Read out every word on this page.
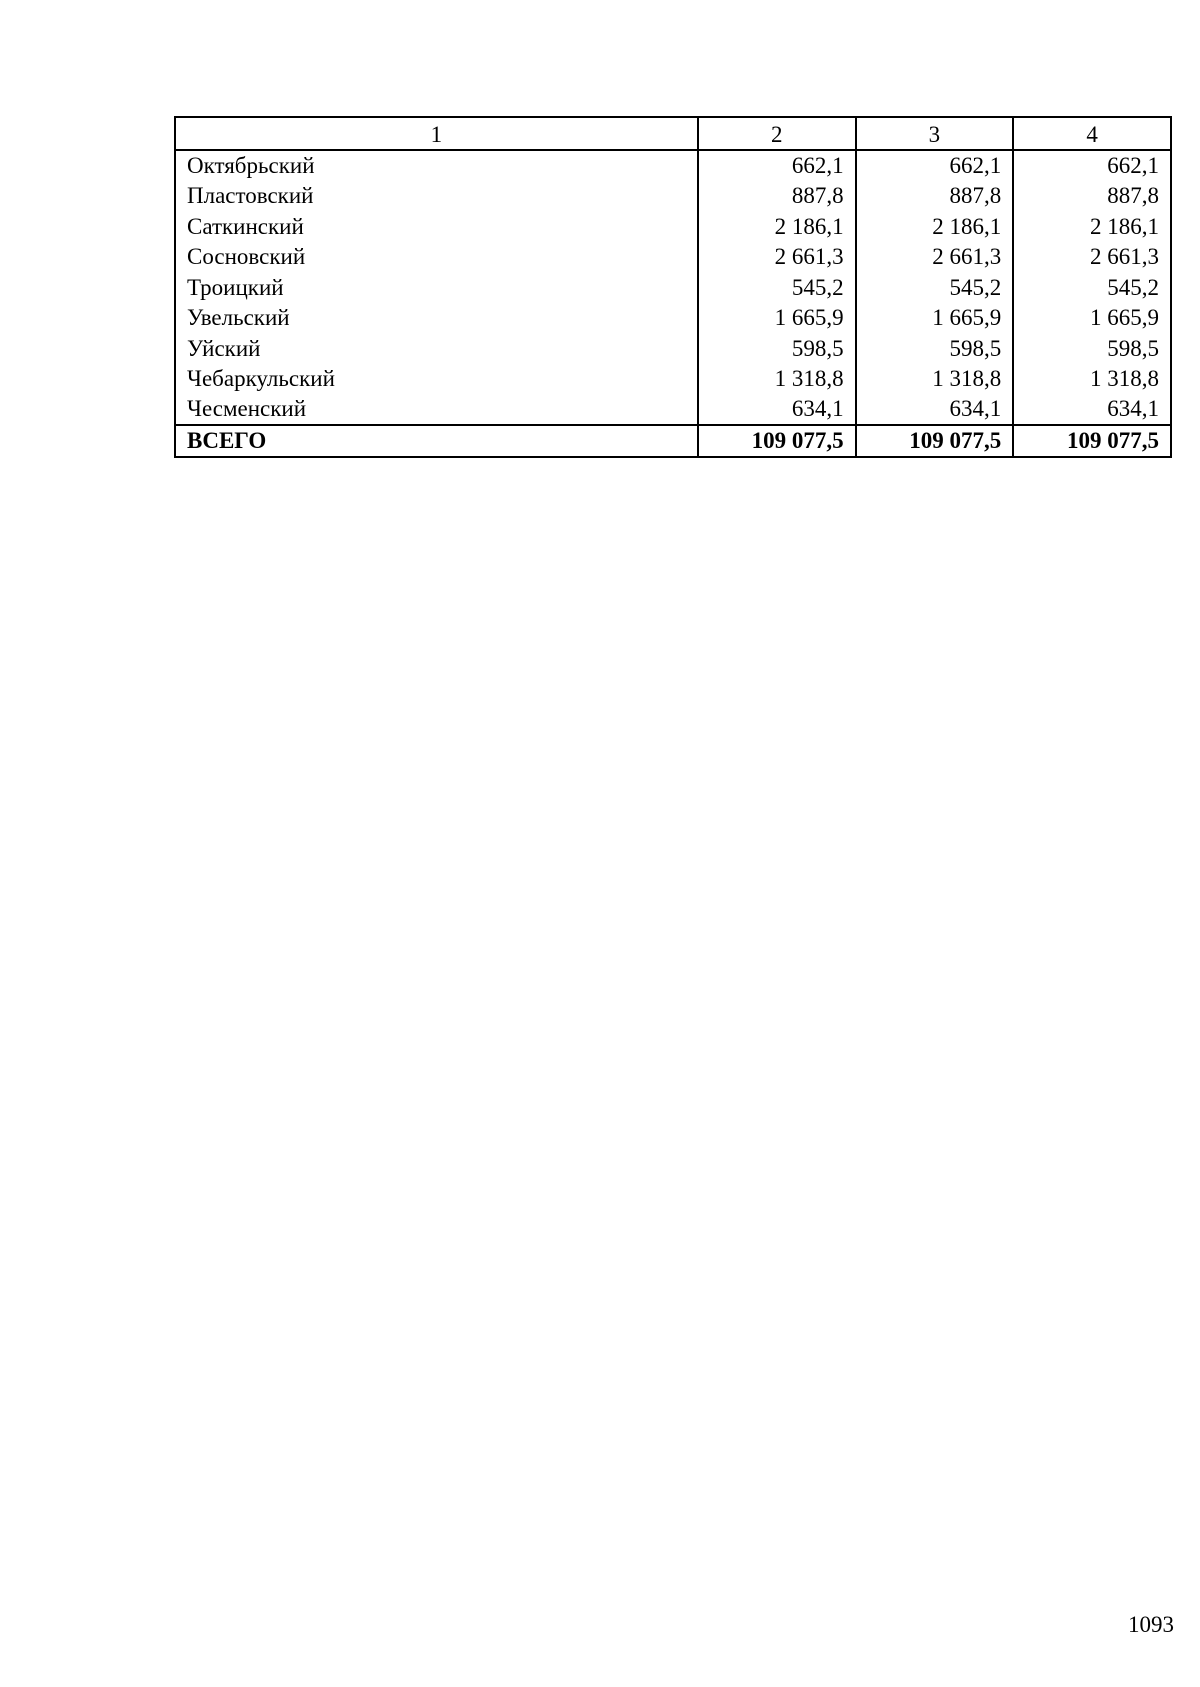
1	2	3	4
Октябрьский	662,1	662,1	662,1
Пластовский	887,8	887,8	887,8
Саткинский	2 186,1	2 186,1	2 186,1
Сосновский	2 661,3	2 661,3	2 661,3
Троицкий	545,2	545,2	545,2
Увельский	1 665,9	1 665,9	1 665,9
Уйский	598,5	598,5	598,5
Чебаркульский	1 318,8	1 318,8	1 318,8
Чесменский	634,1	634,1	634,1
ВСЕГО	109 077,5	109 077,5	109 077,5
1093
